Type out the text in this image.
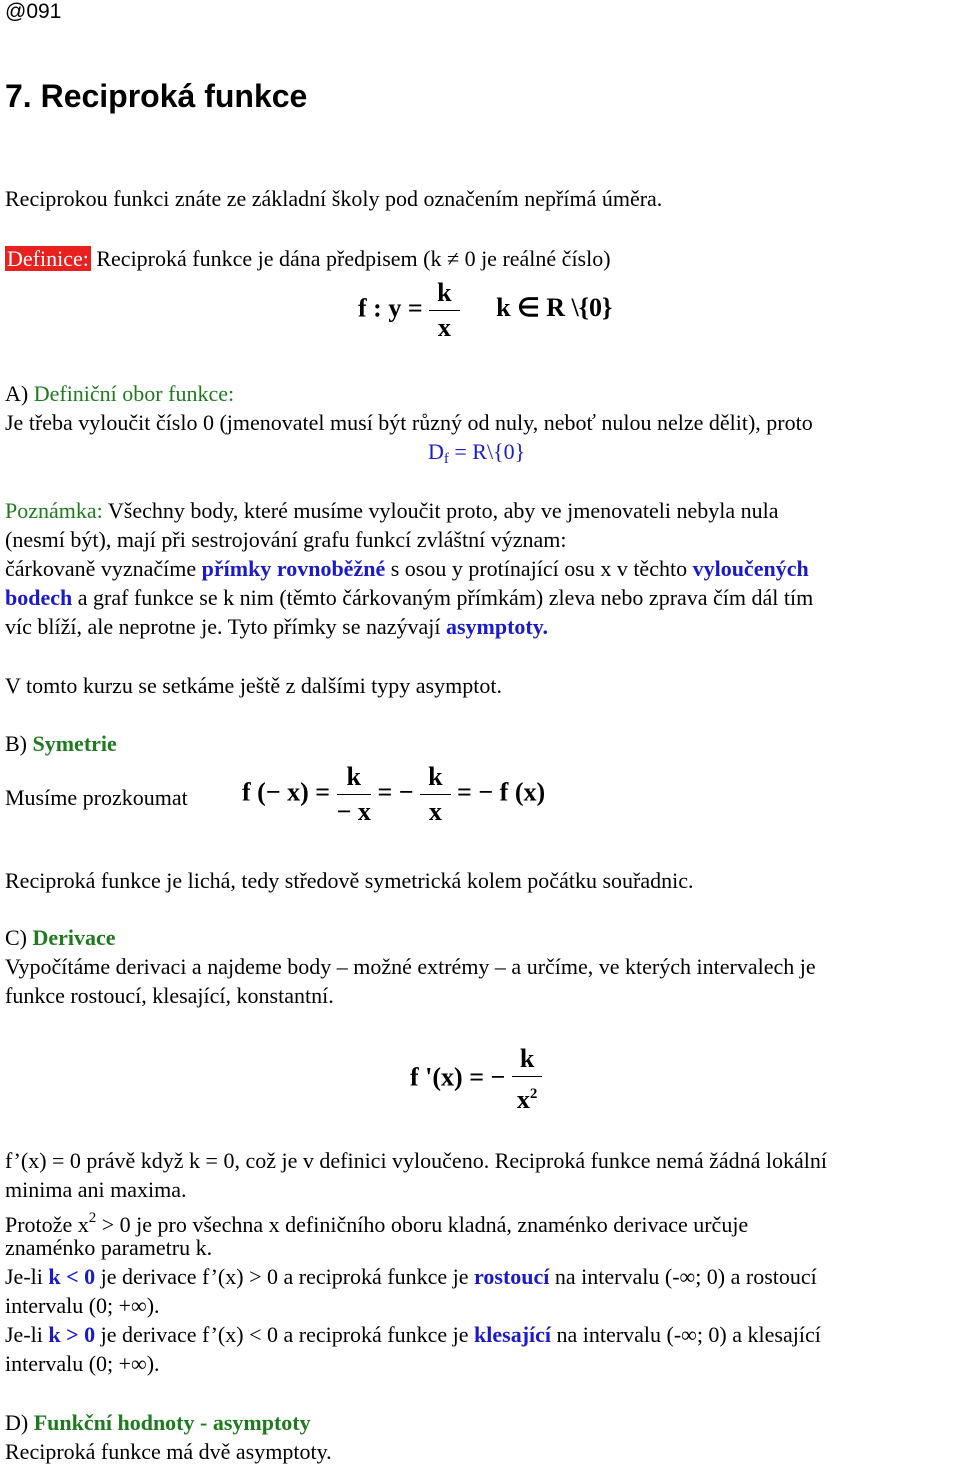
@091
7. Reciproká funkce
Reciprokou funkci znáte ze základní školy pod označením nepřímá úměra.
Definice: Reciproká funkce je dána předpisem (k ≠ 0 je reálné číslo)
f : $y = \frac{k}{x}$ k ∈ R \{0}
A) Definiční obor funkce:
Je třeba vyloučit číslo 0 (jmenovatel musí být různý od nuly, neboť nulou nelze dělit), proto
$D_f$ = R\{0}
Poznámka: Všechny body, které musíme vyloučit proto, aby ve jmenovateli nebyla nula
(nesmí být), mají při sestrojování grafu funkcí zvláštní význam:
čárkovaně vyznačíme přímky rovnoběžné s osou y protínající osu x v těchto vyloučených
bodech a graf funkce se k nim (těmto čárkovaným přímkám) zleva nebo zprava čím dál tím
víc blíží, ale neprotne je. Tyto přímky se nazývají asymptoty.
V tomto kurzu se setkáme ještě z dalšími typy asymptot.
B) Symetrie
Musíme prozkoumat f (− $x) = \frac{k}{- x}$ = − $\frac{k}{x}$ = − f (x)
Reciproká funkce je lichá, tedy středově symetrická kolem počátku souřadnic.
C) Derivace
Vypočítáme derivaci a najdeme body – možné extrémy – a určíme, ve kterých intervalech je
funkce rostoucí, klesající, konstantní.
f '(x) = − $\frac{k}{x^2}$
f’(x) = 0 právě když k = 0, což je v definici vyloučeno. Reciproká funkce nemá žádná lokální
minima ani maxima.
Protože $x^2 > 0$ je pro všechna x definičního oboru kladná, znaménko derivace určuje
znaménko parametru k.
Je-li k < 0 je derivace f’(x) > 0 a reciproká funkce je rostoucí na intervalu (-∞; 0) a rostoucí
intervalu (0; +∞).
Je-li k > 0 je derivace f’(x) < 0 a reciproká funkce je klesající na intervalu (-∞; 0) a klesající
intervalu (0; +∞).
D) Funkční hodnoty - asymptoty
Reciproká funkce má dvě asymptoty.
